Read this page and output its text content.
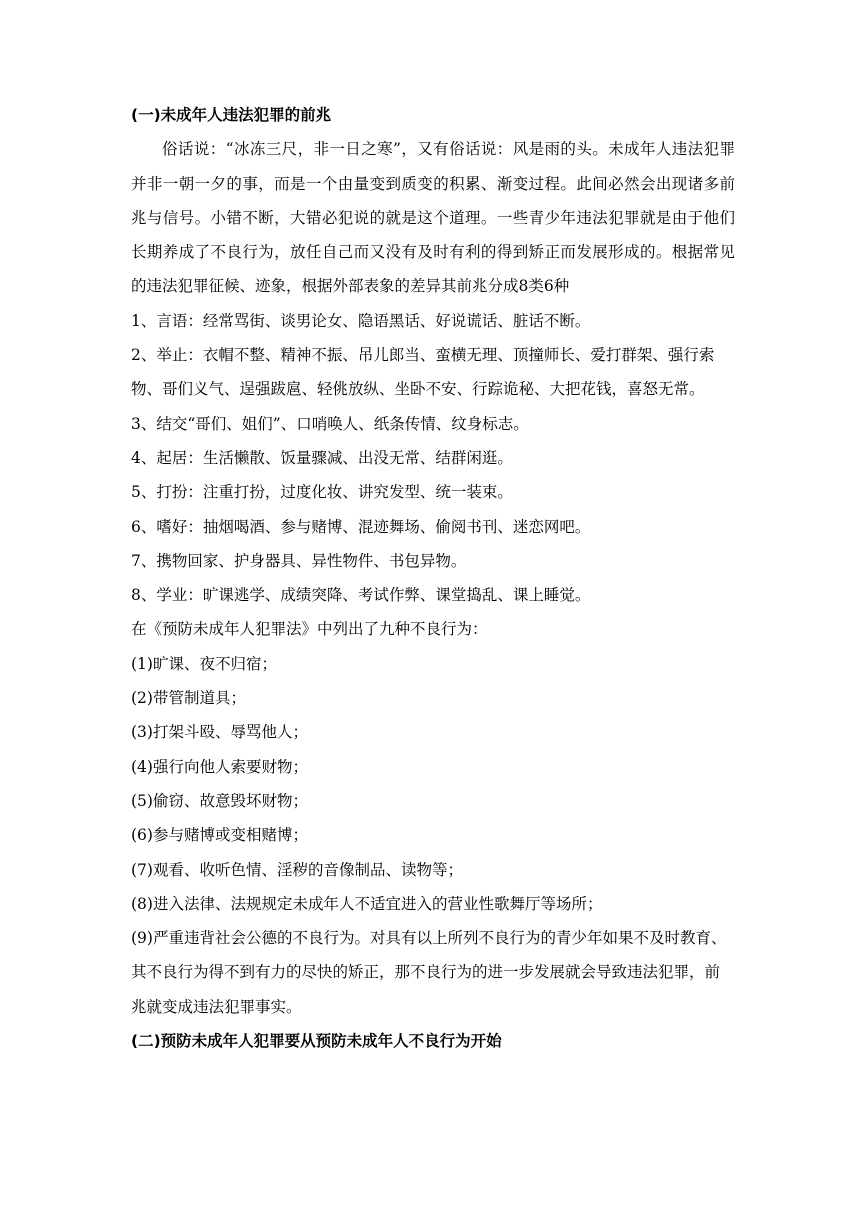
(一)未成年人违法犯罪的前兆

俗话说：“冰冻三尺，非一日之寒”，又有俗话说：风是雨的头。未成年人违法犯罪并非一朝一夕的事，而是一个由量变到质变的积累、渐变过程。此间必然会出现诸多前兆与信号。小错不断，大错必犯说的就是这个道理。一些青少年违法犯罪就是由于他们长期养成了不良行为，放任自己而又没有及时有利的得到矫正而发展形成的。根据常见的违法犯罪征候、迹象，根据外部表象的差异其前兆分成8类6种

1、言语：经常骂街、谈男论女、隐语黑话、好说谎话、脏话不断。

2、举止：衣帽不整、精神不振、吊儿郎当、蛮横无理、顶撞师长、爱打群架、强行索物、哥们义气、逞强跋扈、轻佻放纵、坐卧不安、行踪诡秘、大把花钱，喜怒无常。

3、结交“哥们、姐们”、口哨唤人、纸条传情、纹身标志。

4、起居：生活懒散、饭量骤减、出没无常、结群闲逛。

5、打扮：注重打扮，过度化妆、讲究发型、统一装束。

6、嗜好：抽烟喝酒、参与赌博、混迹舞场、偷阅书刊、迷恋网吧。

7、携物回家、护身器具、异性物件、书包异物。

8、学业：旷课逃学、成绩突降、考试作弊、课堂捣乱、课上睡觉。

在《预防未成年人犯罪法》中列出了九种不良行为：

(1)旷课、夜不归宿；

(2)带管制道具；

(3)打架斗殴、辱骂他人；

(4)强行向他人索要财物；

(5)偷窃、故意毁坏财物；

(6)参与赌博或变相赌博；

(7)观看、收听色情、淫秽的音像制品、读物等；

(8)进入法律、法规规定未成年人不适宜进入的营业性歌舞厅等场所；

(9)严重违背社会公德的不良行为。对具有以上所列不良行为的青少年如果不及时教育、其不良行为得不到有力的尽快的矫正，那不良行为的进一步发展就会导致违法犯罪，前兆就变成违法犯罪事实。

(二)预防未成年人犯罪要从预防未成年人不良行为开始
